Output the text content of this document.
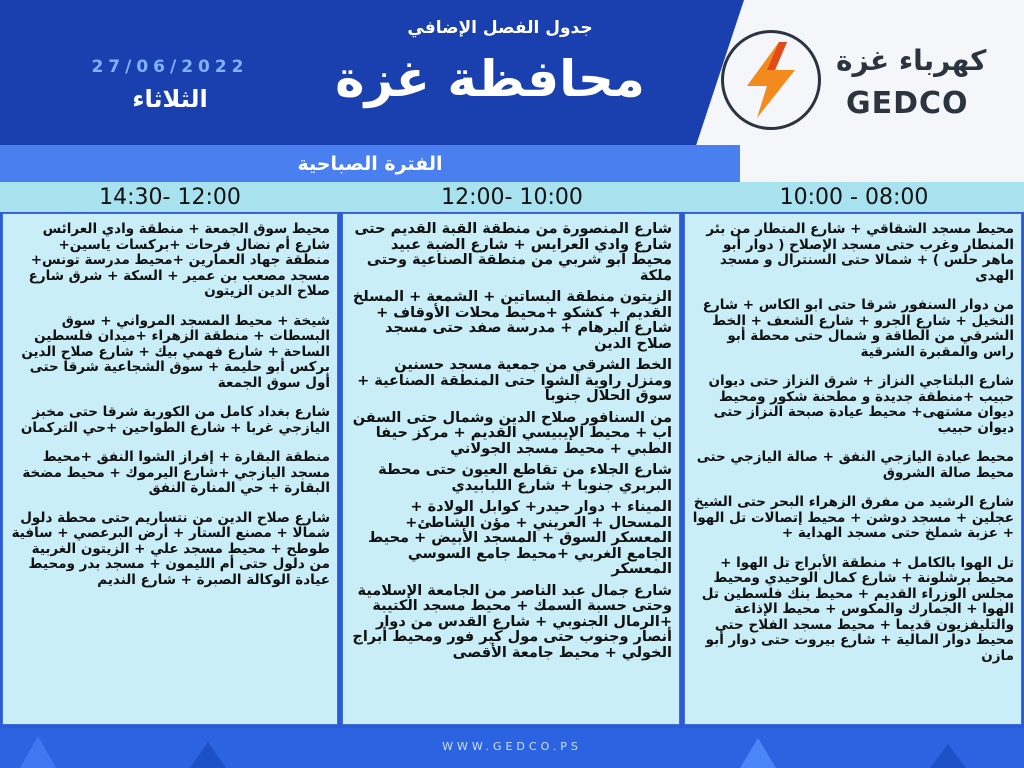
الفترة الصباحية
جدول الفصل الإضافي
محافظة غزة
27/06/2022
الثلاثاء
كهرباء غزة
GEDCO
14:30- 12:00	12:00- 10:00	10:00 - 08:00
محيط سوق الجمعة + منطقة وادي العرائس شارع أم نضال فرحات +بركسات ياسين+ منطقة جهاد العمارين +محيط مدرسة تونس+ مسجد مصعب بن عمير + السكة + شرق شارع صلاح الدين الزيتون
شيخة + محيط المسجد المرواني + سوق البسطات + منطقة الزهراء +ميدان فلسطين الساحة + شارع فهمي بيك + شارع صلاح الدين بركس أبو حليمة + سوق الشجاعية شرقا حتى أول سوق الجمعة
شارع بغداد كامل من الكوربة شرقا حتى مخبز اليازجي غربا + شارع الطواحين +حي التركمان
منطقة البقارة + إفراز الشوا النفق +محيط مسجد اليازجي +شارع اليرموك + محيط مضخة البقارة + حي المنارة النفق
شارع صلاح الدين من نتساريم حتى محطة دلول شمالا + مصنع الستار + أرض البرعصي + سافية طوطح + محيط مسجد علي + الزيتون الغربية من دلول حتى أم الليمون + مسجد بدر ومحيط عيادة الوكالة الصبرة + شارع النديم
شارع المنصورة من منطقة القبة القديم حتى شارع وادي العرايس + شارع الضبة عبيد محيط ابو شربي من منطقة الصناعية وحتى ملكة
الزيتون منطقة البساتين + الشمعة + المسلخ القديم + كشكو +محيط محلات الأوقاف + شارع البرهام + مدرسة صفد حتى مسجد صلاح الدين
الخط الشرقي من جمعية مسجد حسنين ومنزل راوية الشوا حتى المنطقة الصناعية + سوق الحلال جنوبا
من السنافور صلاح الدين وشمال حتى السفن اب + محيط الإيبيسي القديم + مركز حيفا الطبي + محيط مسجد الجولاني
شارع الجلاء من تقاطع العيون حتى محطة البربري جنوبا + شارع اللبابيدي
الميناء + دوار حيدر+ كوابل الولادة + المسحال + العريني + مؤن الشاطئ+ المعسكر السوق + المسجد الأبيض + محيط الجامع الغربي +محيط جامع السوسي المعسكر
شارع جمال عبد الناصر من الجامعة الإسلامية وحتى حسبة السمك + محيط مسجد الكتيبة +الرمال الجنوبي + شارع القدس من دوار أنصار وجنوب حتى مول كير فور ومحيط أبراج الخولي + محيط جامعة الأقصى
محيط مسجد الشقاقي + شارع المنطار من بئر المنطار وغرب حتى مسجد الإصلاح ( دوار أبو ماهر حلس ) + شمالا حتى السنترال و مسجد الهدى
من دوار السنفور شرقا حتى ابو الكاس + شارع النخيل + شارع الجرو + شارع الشعف + الخط الشرقي من الطاقة و شمال حتى محطة أبو راس والمقبرة الشرقية
شارع البلتاجي النزاز + شرق النزاز حتى ديوان حبيب +منطقة جديدة و مطحنة شكور ومحيط ديوان مشتهى+ محيط عيادة صبحة النزاز حتى ديوان حبيب
محيط عيادة اليازجي النفق + صالة اليازجي حتى محيط صالة الشروق
شارع الرشيد من مفرق الزهراء البحر حتى الشيخ عجلين + مسجد دوشن + محيط إتصالات تل الهوا + عزبة شملخ حتى مسجد الهداية +
تل الهوا بالكامل + منطقة الأبراج تل الهوا + محيط برشلونة + شارع كمال الوحيدي ومحيط مجلس الوزراء القديم + محيط بنك فلسطين تل الهوا + الجمارك والمكوس + محيط الإذاعة والتليفزيون قديما + محيط مسجد الفلاح حتى محيط دوار المالية + شارع بيروت حتى دوار أبو مازن
WWW.GEDCO.PS
